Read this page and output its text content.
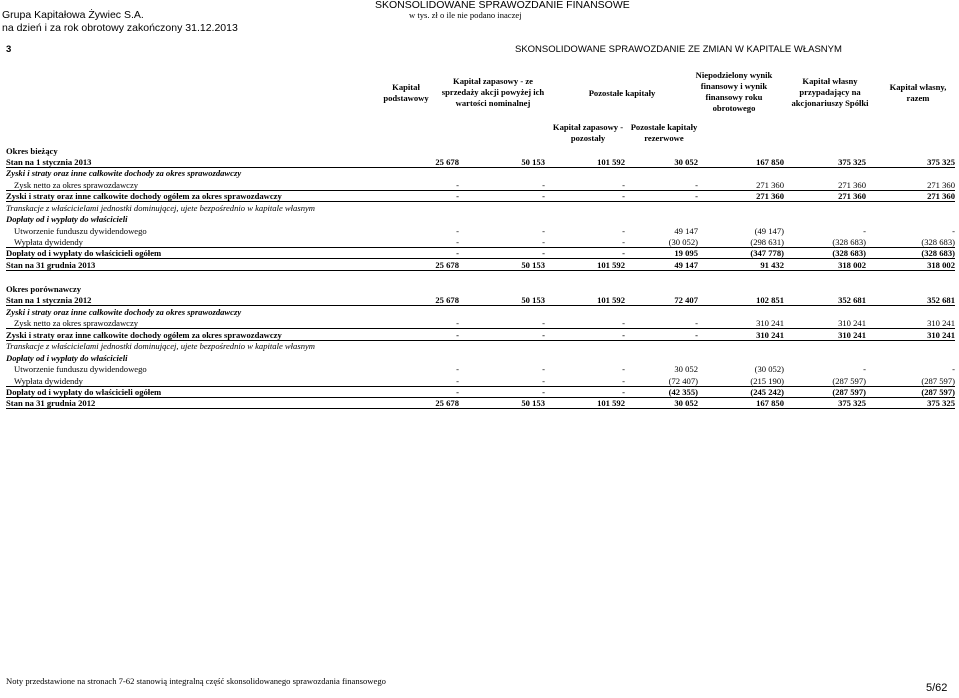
Grupa Kapitałowa Żywiec S.A.
na dzień i za rok obrotowy zakończony 31.12.2013
SKONSOLIDOWANE SPRAWOZDANIE FINANSOWE
w tys. zł o ile nie podano inaczej
3	SKONSOLIDOWANE SPRAWOZDANIE ZE ZMIAN W KAPITALE WŁASNYM
Kapitał
podstawowy
Kapitał zapasowy - ze
sprzedaży akcji powyżej ich
wartości nominalnej
Pozostałe kapitały
Kapitał zapasowy -
pozostały
Pozostałe kapitały
rezerwowe
Niepodzielony wynik
finansowy i wynik
finansowy roku
obrotowego
Kapitał własny
przypadający na
akcjonariuszy Spółki
Kapitał własny,
razem
Okres bieżący
Stan na 1 stycznia 2013	25 678	50 153	101 592	30 052	167 850	375 325	375 325
Zyski i straty oraz inne całkowite dochody za okres sprawozdawczy
Zysk netto za okres sprawozdawczy	-	-	-	-	271 360	271 360	271 360
Zyski i straty oraz inne całkowite dochody ogółem za okres sprawozdawczy	-	-	-	-	271 360	271 360	271 360
Transkacje z właścicielami jednostki dominującej, ujete bezpośrednio w kapitale własnym
Dopłaty od i wypłaty do właścicieli
Utworzenie funduszu dywidendowego	-	-	-	49 147	(49 147)	-	-
Wypłata dywidendy	-	-	-	(30 052)	(298 631)	(328 683)	(328 683)
Dopłaty od i wypłaty do właścicieli ogółem	-	-	-	19 095	(347 778)	(328 683)	(328 683)
Stan na 31 grudnia 2013	25 678	50 153	101 592	49 147	91 432	318 002	318 002
Okres porównawczy
Stan na 1 stycznia 2012	25 678	50 153	101 592	72 407	102 851	352 681	352 681
Zyski i straty oraz inne całkowite dochody za okres sprawozdawczy
Zysk netto za okres sprawozdawczy	-	-	-	-	310 241	310 241	310 241
Zyski i straty oraz inne całkowite dochody ogółem za okres sprawozdawczy	-	-	-	-	310 241	310 241	310 241
Transkacje z właścicielami jednostki dominującej, ujete bezpośrednio w kapitale własnym
Dopłaty od i wypłaty do właścicieli
Utworzenie funduszu dywidendowego	-	-	-	30 052	(30 052)	-	-
Wypłata dywidendy	-	-	-	(72 407)	(215 190)	(287 597)	(287 597)
Dopłaty od i wypłaty do właścicieli ogółem	-	-	-	(42 355)	(245 242)	(287 597)	(287 597)
Stan na 31 grudnia 2012	25 678	50 153	101 592	30 052	167 850	375 325	375 325
Noty przedstawione na stronach 7-62 stanowią integralną część skonsolidowanego sprawozdania finansowego
5/62
